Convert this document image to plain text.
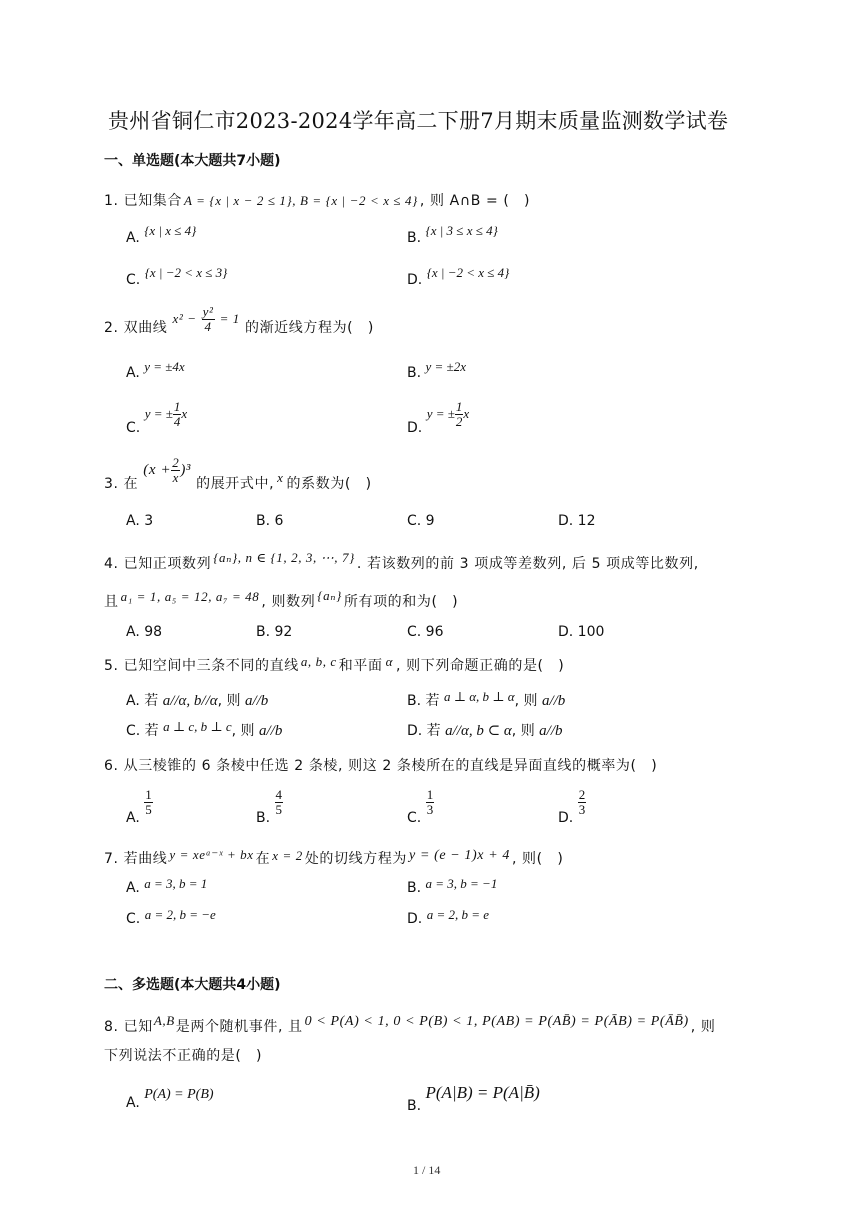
贵州省铜仁市2023-2024学年高二下册7月期末质量监测数学试卷
一、单选题(本大题共7小题)
1. 已知集合 A = {x | x − 2 ≤ 1}, B = {x | −2 < x ≤ 4} , 则 A∩B = (　)
A. {x | x ≤ 4}	B. {x | 3 ≤ x ≤ 4}
C. {x | −2 < x ≤ 3}	D. {x | −2 < x ≤ 4}
2. 双曲线 $x^2 - \frac{\text{y²}}{4} = 1$ 的渐近线方程为(　)
A. y = ±4x	B. y = ±2x
C. y = ± $\frac{1}{4}$ x
D. y = ± $\frac{1}{2}$ x
3. 在 $(x + \frac{2}{x} )^3$ 的展开式中, x 的系数为(　)
A. 3	B. 6	C. 9	D. 12
4. 已知正项数列 {aₙ}, n ∈ {1, 2, 3, ⋯, 7} . 若该数列的前 3 项成等差数列, 后 5 项成等比数列,
且 a₁ = 1, a₅ = 12, a₇ = 48 , 则数列 {aₙ} 所有项的和为(　)
A. 98	B. 92	C. 96	D. 100
5. 已知空间中三条不同的直线 a, b, c 和平面 α , 则下列命题正确的是(　)
A. 若 a//α, b//α, 则 a//b	B. 若 a ⊥ α, b ⊥ α, 则 a//b
C. 若 a ⊥ c, b ⊥ c, 则 a//b	D. 若 a//α, b ⊂ α, 则 a//b
6. 从三棱锥的 6 条棱中任选 2 条棱, 则这 2 条棱所在的直线是异面直线的概率为(　)
A.
$\frac{1}{5}$
B.
$\frac{4}{5}$
C.
$\frac{1}{3}$
D.
$\frac{2}{3}$
7. 若曲线 y = xeᵃ⁻ˣ + bx 在 x = 2 处的切线方程为 y = (e − 1)x + 4 , 则(　)
A. a = 3, b = 1	B. a = 3, b = −1
C. a = 2, b = −e	D. a = 2, b = e
二、多选题(本大题共4小题)
8. 已知A,B是两个随机事件, 且 0 < P(A) < 1, 0 < P(B) < 1, P(AB) = P(AB̄) = P(ĀB) = P(ĀB̄) , 则
下列说法不正确的是(　)
A. P(A) = P(B)
B. P(A|B) = P(A|B̄)
1 / 14
